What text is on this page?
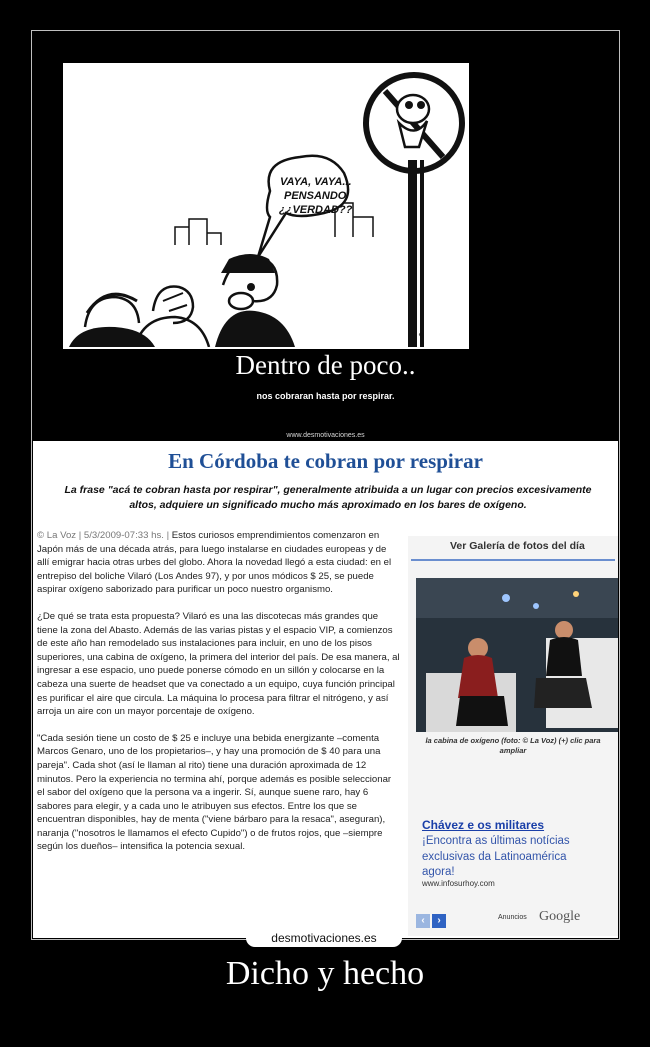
VAYA, VAYA...
PENSANDO
¿¿VERDAD??
✎
Dentro de poco..
nos cobraran hasta por respirar.
www.desmotivaciones.es
En Córdoba te cobran por respirar
La frase "acá te cobran hasta por respirar", generalmente atribuida a un lugar con precios excesivamente altos, adquiere un significado mucho más aproximado en los bares de oxígeno.

© La Voz | 5/3/2009-07:33 hs. | Estos curiosos emprendimientos comenzaron en Japón más de una década atrás, para luego instalarse en ciudades europeas y de allí emigrar hacia otras urbes del globo. Ahora la novedad llegó a esta ciudad: en el entrepiso del boliche Vilaró (Los Andes 97), y por unos módicos $ 25, se puede aspirar oxígeno saborizado para purificar un poco nuestro organismo.

¿De qué se trata esta propuesta? Vilaró es una las discotecas más grandes que tiene la zona del Abasto. Además de las varias pistas y el espacio VIP, a comienzos de este año han remodelado sus instalaciones para incluir, en uno de los pisos superiores, una cabina de oxígeno, la primera del interior del país. De esa manera, al ingresar a ese espacio, uno puede ponerse cómodo en un sillón y colocarse en la cabeza una suerte de headset que va conectado a un equipo, cuya función principal es purificar el aire que circula. La máquina lo procesa para filtrar el nitrógeno, y así arroja un aire con un mayor porcentaje de oxígeno.

"Cada sesión tiene un costo de $ 25 e incluye una bebida energizante –comenta Marcos Genaro, uno de los propietarios–, y hay una promoción de $ 40 para una pareja". Cada shot (así le llaman al rito) tiene una duración aproximada de 12 minutos. Pero la experiencia no termina ahí, porque además es posible seleccionar el sabor del oxígeno que la persona va a ingerir. Sí, aunque suene raro, hay 6 sabores para elegir, y a cada uno le atribuyen sus efectos. Entre los que se encuentran disponibles, hay de menta ("viene bárbaro para la resaca", aseguran), naranja ("nosotros le llamamos el efecto Cupido") o de frutos rojos, que –siempre según los dueños– intensifica la potencia sexual.

Ver Galería de fotos del día
la cabina de oxígeno (foto: © La Voz) (+) clic para ampliar
Chávez e os militares
¡Encontra as últimas notícias exclusivas da Latinoamérica agora!
www.infosurhoy.com
‹	›	Anuncios Google
desmotivaciones.es
Dicho y hecho
